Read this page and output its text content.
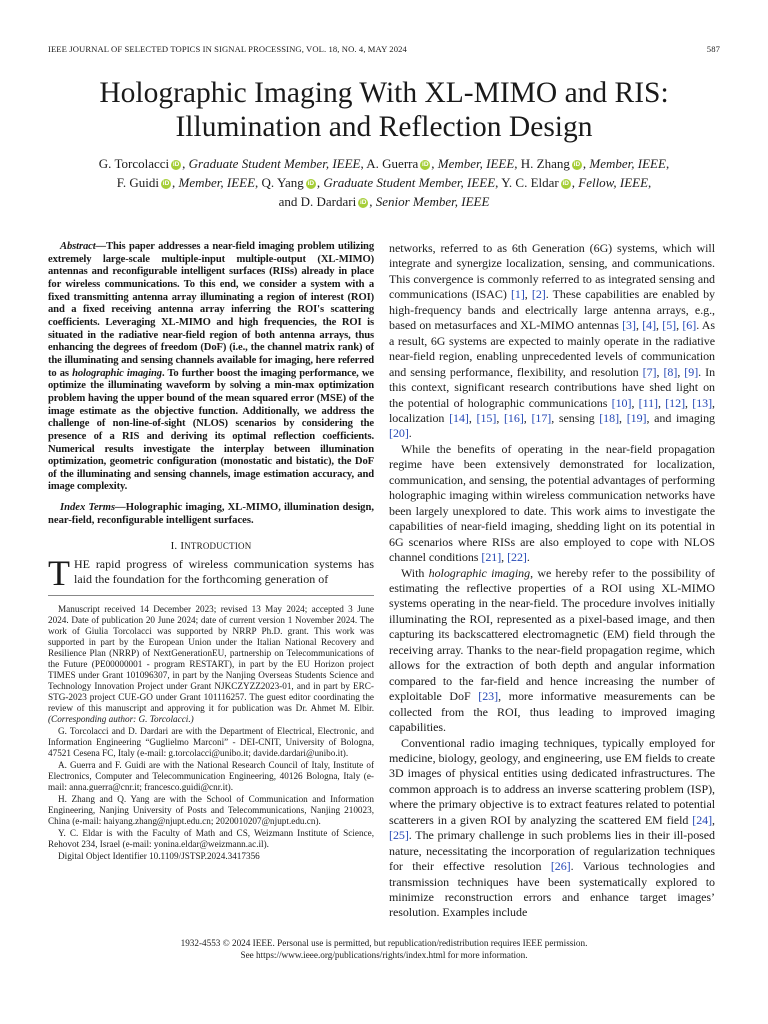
IEEE JOURNAL OF SELECTED TOPICS IN SIGNAL PROCESSING, VOL. 18, NO. 4, MAY 2024	587
Holographic Imaging With XL-MIMO and RIS:
Illumination and Reflection Design
G. Torcolacci iD , Graduate Student Member, IEEE, A. Guerra iD , Member, IEEE, H. Zhang iD , Member, IEEE,
F. Guidi iD , Member, IEEE, Q. Yang iD , Graduate Student Member, IEEE, Y. C. Eldar iD , Fellow, IEEE,
and D. Dardari iD , Senior Member, IEEE

Abstract—This paper addresses a near-field imaging problem utilizing extremely large-scale multiple-input multiple-output (XL-MIMO) antennas and reconfigurable intelligent surfaces (RISs) already in place for wireless communications. To this end, we consider a system with a fixed transmitting antenna array illuminating a region of interest (ROI) and a fixed receiving antenna array inferring the ROI's scattering coefficients. Leveraging XL-MIMO and high frequencies, the ROI is situated in the radiative near-field region of both antenna arrays, thus enhancing the degrees of freedom (DoF) (i.e., the channel matrix rank) of the illuminating and sensing channels available for imaging, here referred to as holographic imaging. To further boost the imaging performance, we optimize the illuminating waveform by solving a min-max optimization problem having the upper bound of the mean squared error (MSE) of the image estimate as the objective function. Additionally, we address the challenge of non-line-of-sight (NLOS) scenarios by considering the presence of a RIS and deriving its optimal reflection coefficients. Numerical results investigate the interplay between illumination optimization, geometric configuration (monostatic and bistatic), the DoF of the illuminating and sensing channels, image estimation accuracy, and image complexity.

Index Terms—Holographic imaging, XL-MIMO, illumination design, near-field, reconfigurable intelligent surfaces.

I. INTRODUCTION

THE rapid progress of wireless communication systems has laid the foundation for the forthcoming generation of

Manuscript received 14 December 2023; revised 13 May 2024; accepted 3 June 2024. Date of publication 20 June 2024; date of current version 1 November 2024. The work of Giulia Torcolacci was supported by NRRP Ph.D. grant. This work was supported in part by the European Union under the Italian National Recovery and Resilience Plan (NRRP) of NextGenerationEU, partnership on Telecommunications of the Future (PE00000001 - program RESTART), in part by the EU Horizon project TIMES under Grant 101096307, in part by the Nanjing Overseas Students Science and Technology Innovation Project under Grant NJKCZYZZ2023-01, and in part by ERC-STG-2023 project CUE-GO under Grant 101116257. The guest editor coordinating the review of this manuscript and approving it for publication was Dr. Ahmet M. Elbir. (Corresponding author: G. Torcolacci.)

G. Torcolacci and D. Dardari are with the Department of Electrical, Electronic, and Information Engineering “Guglielmo Marconi” - DEI-CNIT, University of Bologna, 47521 Cesena FC, Italy (e-mail: g.torcolacci@unibo.it; davide.dardari@unibo.it).

A. Guerra and F. Guidi are with the National Research Council of Italy, Institute of Electronics, Computer and Telecommunication Engineering, 40126 Bologna, Italy (e-mail: anna.guerra@cnr.it; francesco.guidi@cnr.it).

H. Zhang and Q. Yang are with the School of Communication and Information Engineering, Nanjing University of Posts and Telecommunications, Nanjing 210023, China (e-mail: haiyang.zhang@njupt.edu.cn; 2020010207@njupt.edu.cn).

Y. C. Eldar is with the Faculty of Math and CS, Weizmann Institute of Science, Rehovot 234, Israel (e-mail: yonina.eldar@weizmann.ac.il).

Digital Object Identifier 10.1109/JSTSP.2024.3417356

networks, referred to as 6th Generation (6G) systems, which will integrate and synergize localization, sensing, and communications. This convergence is commonly referred to as integrated sensing and communications (ISAC) [1], [2]. These capabilities are enabled by high-frequency bands and electrically large antenna arrays, e.g., based on metasurfaces and XL-MIMO antennas [3], [4], [5], [6]. As a result, 6G systems are expected to mainly operate in the radiative near-field region, enabling unprecedented levels of communication and sensing performance, flexibility, and resolution [7], [8], [9]. In this context, significant research contributions have shed light on the potential of holographic communications [10], [11], [12], [13], localization [14], [15], [16], [17], sensing [18], [19], and imaging [20].

While the benefits of operating in the near-field propagation regime have been extensively demonstrated for localization, communication, and sensing, the potential advantages of performing holographic imaging within wireless communication networks have been largely unexplored to date. This work aims to investigate the capabilities of near-field imaging, shedding light on its potential in 6G scenarios where RISs are also employed to cope with NLOS channel conditions [21], [22].

With holographic imaging, we hereby refer to the possibility of estimating the reflective properties of a ROI using XL-MIMO systems operating in the near-field. The procedure involves initially illuminating the ROI, represented as a pixel-based image, and then capturing its backscattered electromagnetic (EM) field through the receiving array. Thanks to the near-field propagation regime, which allows for the extraction of both depth and angular information compared to the far-field and hence increasing the number of exploitable DoF [23], more informative measurements can be collected from the ROI, thus leading to improved imaging capabilities.

Conventional radio imaging techniques, typically employed for medicine, biology, geology, and engineering, use EM fields to create 3D images of physical entities using dedicated infrastructures. The common approach is to address an inverse scattering problem (ISP), where the primary objective is to extract features related to potential scatterers in a given ROI by analyzing the scattered EM field [24], [25]. The primary challenge in such problems lies in their ill-posed nature, necessitating the incorporation of regularization techniques for their effective resolution [26]. Various technologies and transmission techniques have been systematically explored to minimize reconstruction errors and enhance target images’ resolution. Examples include

1932-4553 © 2024 IEEE. Personal use is permitted, but republication/redistribution requires IEEE permission.
See https://www.ieee.org/publications/rights/index.html for more information.
